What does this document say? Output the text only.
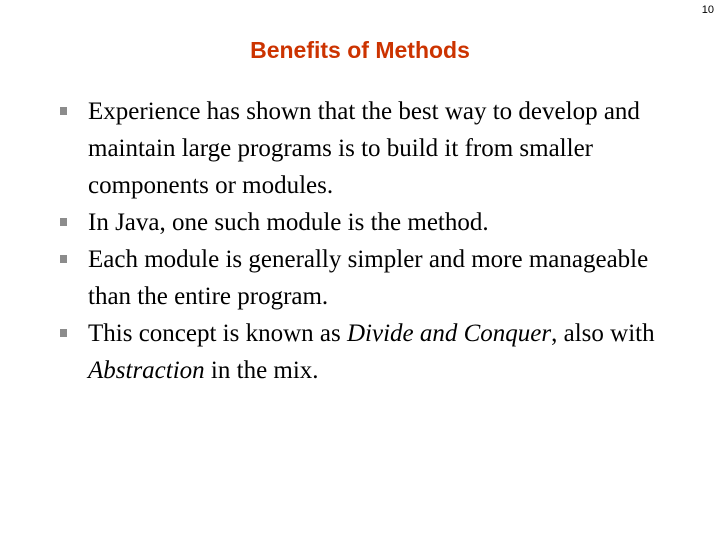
10
Benefits of Methods
Experience has shown that the best way to develop and maintain large programs is to build it from smaller components or modules.
In Java, one such module is the method.
Each module is generally simpler and more manageable than the entire program.
This concept is known as Divide and Conquer, also with Abstraction in the mix.
